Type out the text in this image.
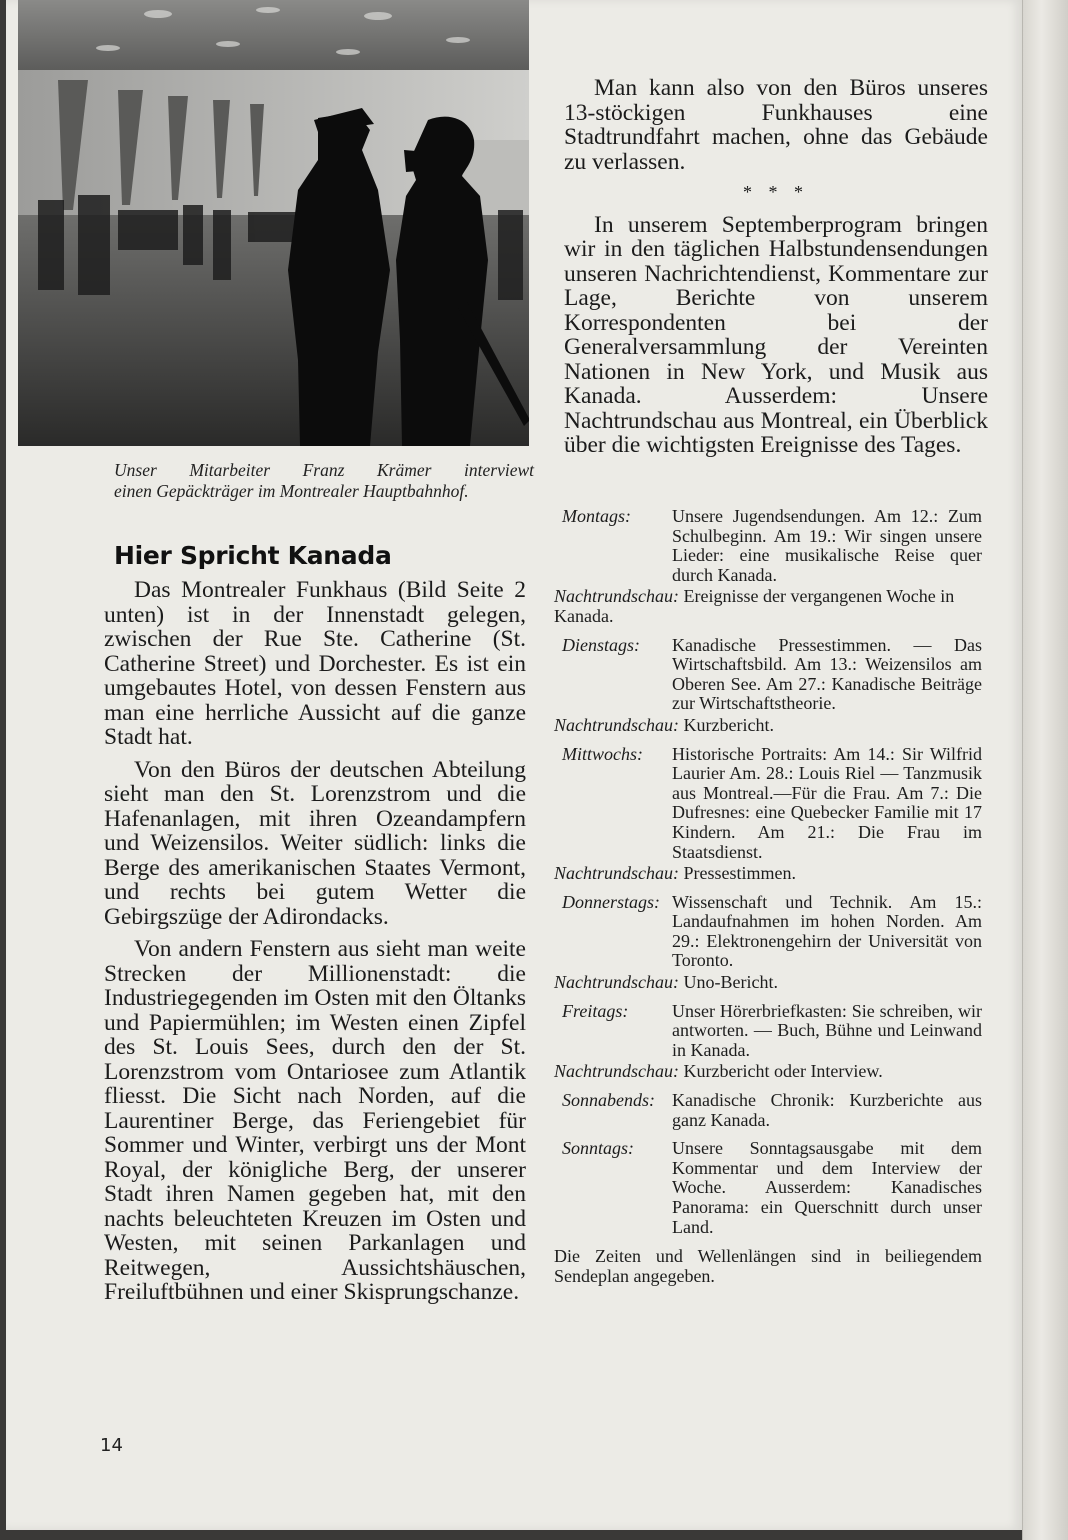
Unser Mitarbeiter Franz Krämer interviewt
einen Gepäckträger im Montrealer Hauptbahnhof.
Hier Spricht Kanada

Das Montrealer Funkhaus (Bild Seite 2 unten) ist in der Innenstadt gelegen, zwischen der Rue Ste. Catherine (St. Catherine Street) und Dorchester. Es ist ein umgebautes Hotel, von dessen Fenstern aus man eine herrliche Aussicht auf die ganze Stadt hat.

Von den Büros der deutschen Abteilung sieht man den St. Lorenzstrom und die Hafenanlagen, mit ihren Ozeandampfern und Weizensilos. Weiter südlich: links die Berge des amerikanischen Staates Vermont, und rechts bei gutem Wetter die Gebirgszüge der Adirondacks.

Von andern Fenstern aus sieht man weite Strecken der Millionenstadt: die Industriegegenden im Osten mit den Öltanks und Papiermühlen; im Westen einen Zipfel des St. Louis Sees, durch den der St. Lorenzstrom vom Ontariosee zum Atlantik fliesst. Die Sicht nach Norden, auf die Laurentiner Berge, das Feriengebiet für Sommer und Winter, verbirgt uns der Mont Royal, der königliche Berg, der unserer Stadt ihren Namen gegeben hat, mit den nachts beleuchteten Kreuzen im Osten und Westen, mit seinen Parkanlagen und Reitwegen, Aussichtshäuschen, Freiluftbühnen und einer Skisprungschanze.

Man kann also von den Büros unseres 13-stöckigen Funkhauses eine Stadtrundfahrt machen, ohne das Gebäude zu verlassen.

* * *

In unserem Septemberprogram bringen wir in den täglichen Halbstundensendungen unseren Nachrichtendienst, Kommentare zur Lage, Berichte von unserem Korrespondenten bei der Generalversammlung der Vereinten Nationen in New York, und Musik aus Kanada. Ausserdem: Unsere Nachtrundschau aus Montreal, ein Überblick über die wichtigsten Ereignisse des Tages.

Montags:	Unsere Jugendsendungen. Am 12.: Zum Schulbeginn. Am 19.: Wir singen unsere Lieder: eine musikalische Reise quer durch Kanada.
Nachtrundschau: Ereignisse der vergangenen Woche in Kanada.
Dienstags:	Kanadische Pressestimmen. — Das Wirtschaftsbild. Am 13.: Weizensilos am Oberen See. Am 27.: Kanadische Beiträge zur Wirtschaftstheorie.
Nachtrundschau: Kurzbericht.
Mittwochs:	Historische Portraits: Am 14.: Sir Wilfrid Laurier Am. 28.: Louis Riel — Tanzmusik aus Montreal.—Für die Frau. Am 7.: Die Dufresnes: eine Quebecker Familie mit 17 Kindern. Am 21.: Die Frau im Staatsdienst.
Nachtrundschau: Pressestimmen.
Donnerstags: Wissenschaft und Technik. Am 15.: Landaufnahmen im hohen Norden. Am 29.: Elektronengehirn der Universität von Toronto.
Nachtrundschau: Uno-Bericht.
Freitags:	Unser Hörerbriefkasten: Sie schreiben, wir antworten. — Buch, Bühne und Leinwand in Kanada.
Nachtrundschau: Kurzbericht oder Interview.
Sonnabends: Kanadische Chronik: Kurzberichte aus ganz Kanada.
Sonntags:	Unsere Sonntagsausgabe mit dem Kommentar und dem Interview der Woche. Ausserdem: Kanadisches Panorama: ein Querschnitt durch unser Land.
Die Zeiten und Wellenlängen sind in beiliegendem Sendeplan angegeben.
14
